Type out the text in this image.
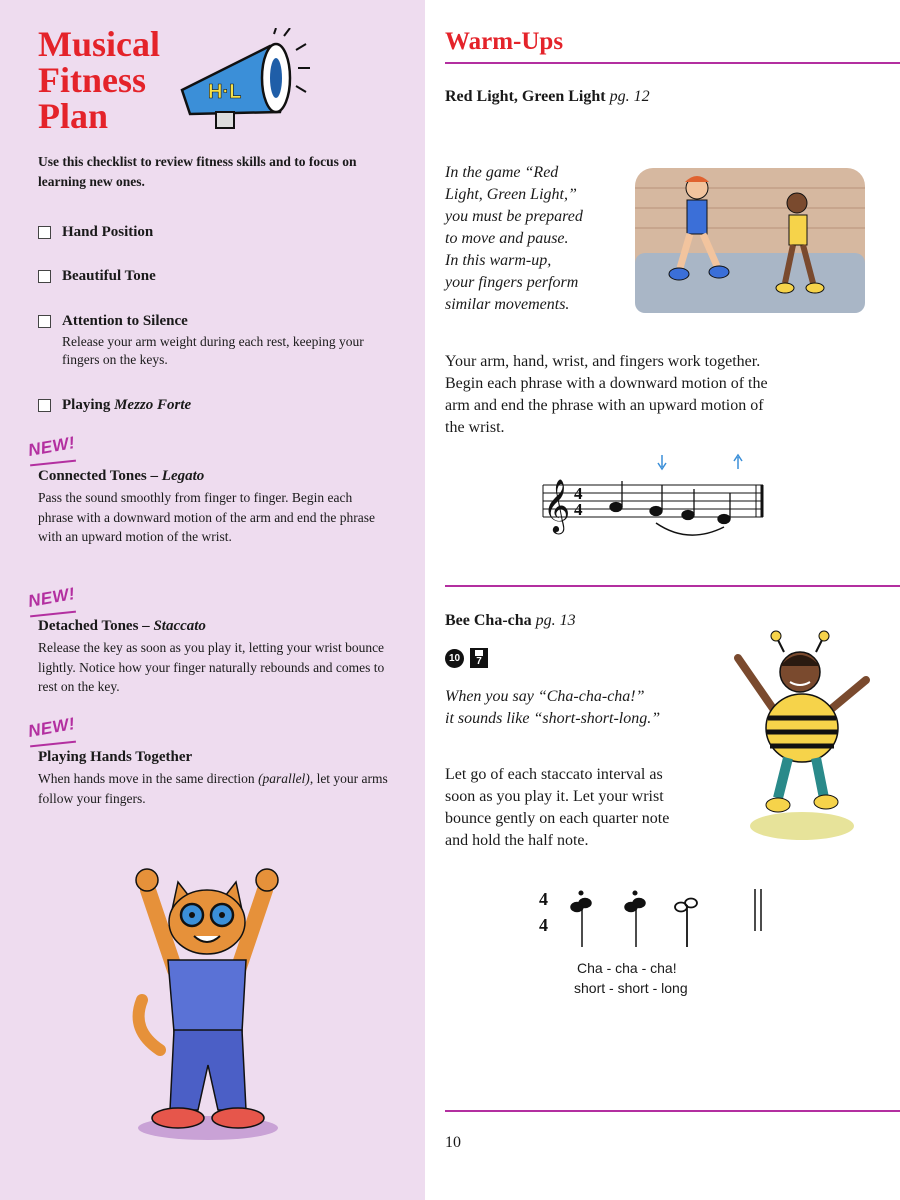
Musical
Fitness
Plan
H·L

Use this checklist to review fitness skills and to focus on learning new ones.

Hand Position
Beautiful Tone
Attention to Silence

Release your arm weight during each rest, keeping your fingers on the keys.

Playing Mezzo Forte
NEW!
Connected Tones – Legato

Pass the sound smoothly from finger to finger. Begin each phrase with a downward motion of the arm and end the phrase with an upward motion of the wrist.

NEW!
Detached Tones – Staccato

Release the key as soon as you play it, letting your wrist bounce lightly. Notice how your finger naturally rebounds and comes to rest on the key.

NEW!
Playing Hands Together

When hands move in the same direction (parallel), let your arms follow your fingers.

Warm-Ups
Red Light, Green Light pg. 12
In the game “Red
Light, Green Light,”
you must be prepared
to move and pause.
In this warm-up,
your fingers perform
similar movements.
Your arm, hand, wrist, and fingers work together.
Begin each phrase with a downward motion of the
arm and end the phrase with an upward motion of
the wrist.
𝄞 4
4
Bee Cha-cha pg. 13
10	7
When you say “Cha-cha-cha!”
it sounds like “short-short-long.”
Let go of each staccato interval as
soon as you play it. Let your wrist
bounce gently on each quarter note
and hold the half note.
4
4
Cha - cha - cha!
short - short - long
10
